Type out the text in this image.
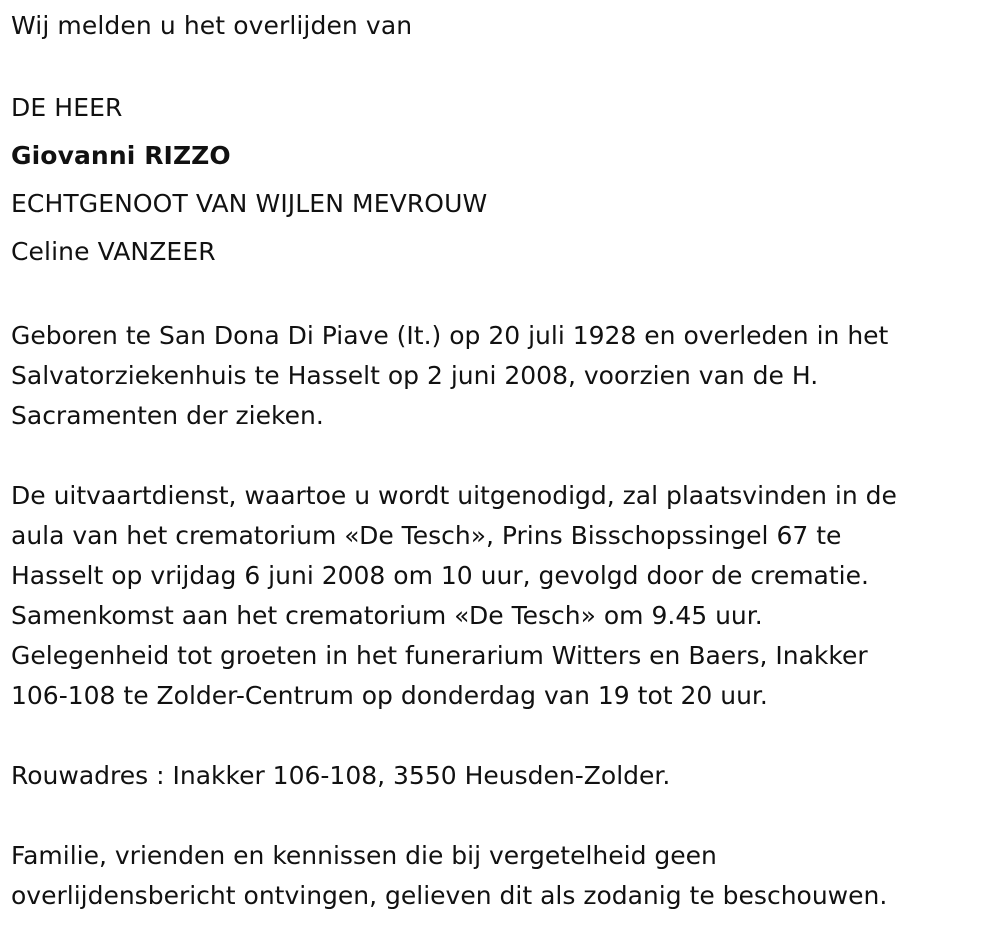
Wij melden u het overlijden van

DE HEER

Giovanni RIZZO

ECHTGENOOT VAN WIJLEN MEVROUW

Celine VANZEER

Geboren te San Dona Di Piave (It.) op 20 juli 1928 en overleden in het
Salvatorziekenhuis te Hasselt op 2 juni 2008, voorzien van de H.
Sacramenten der zieken.

De uitvaartdienst, waartoe u wordt uitgenodigd, zal plaatsvinden in de
aula van het crematorium «De Tesch», Prins Bisschopssingel 67 te
Hasselt op vrijdag 6 juni 2008 om 10 uur, gevolgd door de crematie.
Samenkomst aan het crematorium «De Tesch» om 9.45 uur.
Gelegenheid tot groeten in het funerarium Witters en Baers, Inakker
106-108 te Zolder-Centrum op donderdag van 19 tot 20 uur.

Rouwadres : Inakker 106-108, 3550 Heusden-Zolder.

Familie, vrienden en kennissen die bij vergetelheid geen
overlijdensbericht ontvingen, gelieven dit als zodanig te beschouwen.
